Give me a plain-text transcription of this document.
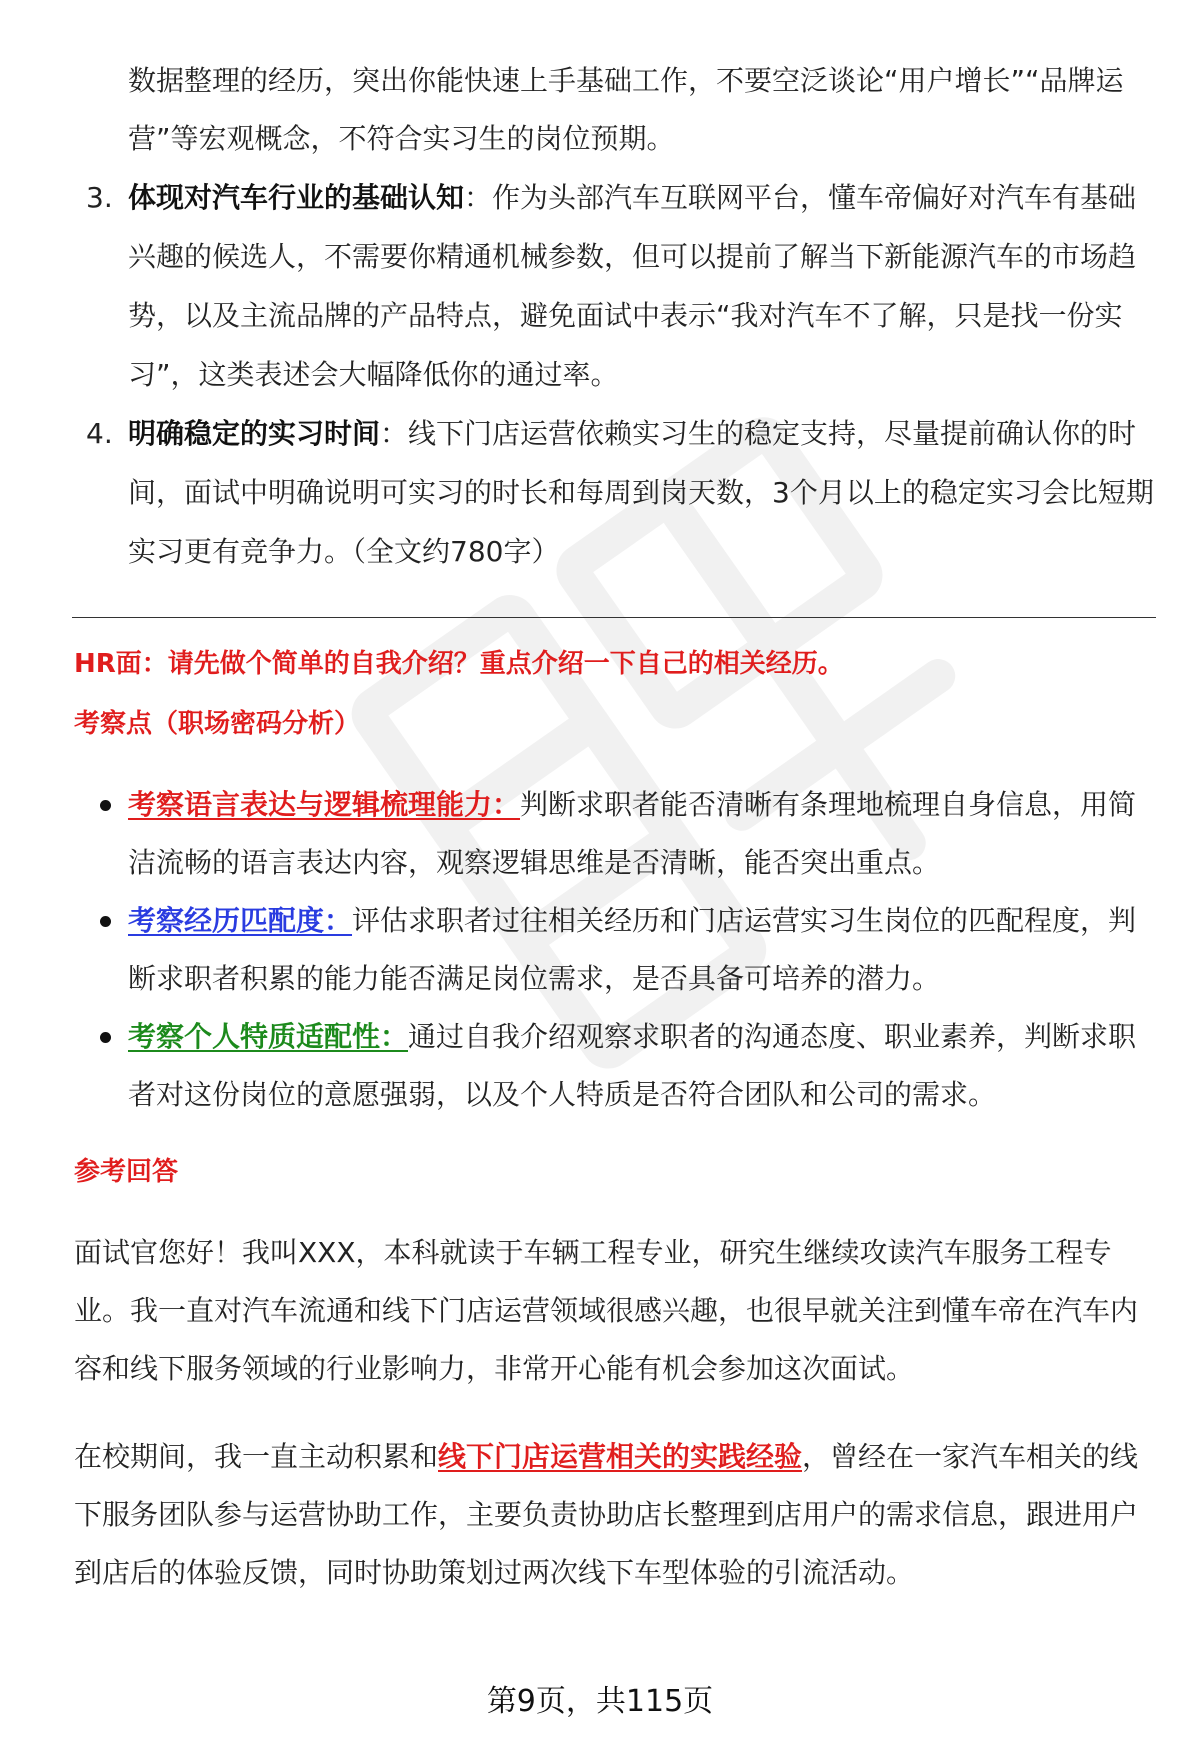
数据整理的经历，突出你能快速上手基础工作，不要空泛谈论“用户增长”“品牌运营”等宏观概念，不符合实习生的岗位预期。

3. 体现对汽车行业的基础认知：作为头部汽车互联网平台，懂车帝偏好对汽车有基础兴趣的候选人，不需要你精通机械参数，但可以提前了解当下新能源汽车的市场趋势，以及主流品牌的产品特点，避免面试中表示“我对汽车不了解，只是找一份实习”，这类表述会大幅降低你的通过率。
4. 明确稳定的实习时间：线下门店运营依赖实习生的稳定支持，尽量提前确认你的时间，面试中明确说明可实习的时长和每周到岗天数，3个月以上的稳定实习会比短期实习更有竞争力。（全文约780字）

HR面：请先做个简单的自我介绍？重点介绍一下自己的相关经历。

考察点（职场密码分析）

考察语言表达与逻辑梳理能力：判断求职者能否清晰有条理地梳理自身信息，用简洁流畅的语言表达内容，观察逻辑思维是否清晰，能否突出重点。
考察经历匹配度：评估求职者过往相关经历和门店运营实习生岗位的匹配程度，判断求职者积累的能力能否满足岗位需求，是否具备可培养的潜力。
考察个人特质适配性：通过自我介绍观察求职者的沟通态度、职业素养，判断求职者对这份岗位的意愿强弱，以及个人特质是否符合团队和公司的需求。

参考回答

面试官您好！我叫XXX，本科就读于车辆工程专业，研究生继续攻读汽车服务工程专业。我一直对汽车流通和线下门店运营领域很感兴趣，也很早就关注到懂车帝在汽车内容和线下服务领域的行业影响力，非常开心能有机会参加这次面试。

在校期间，我一直主动积累和线下门店运营相关的实践经验，曾经在一家汽车相关的线下服务团队参与运营协助工作，主要负责协助店长整理到店用户的需求信息，跟进用户到店后的体验反馈，同时协助策划过两次线下车型体验的引流活动。

第9页，共115页
